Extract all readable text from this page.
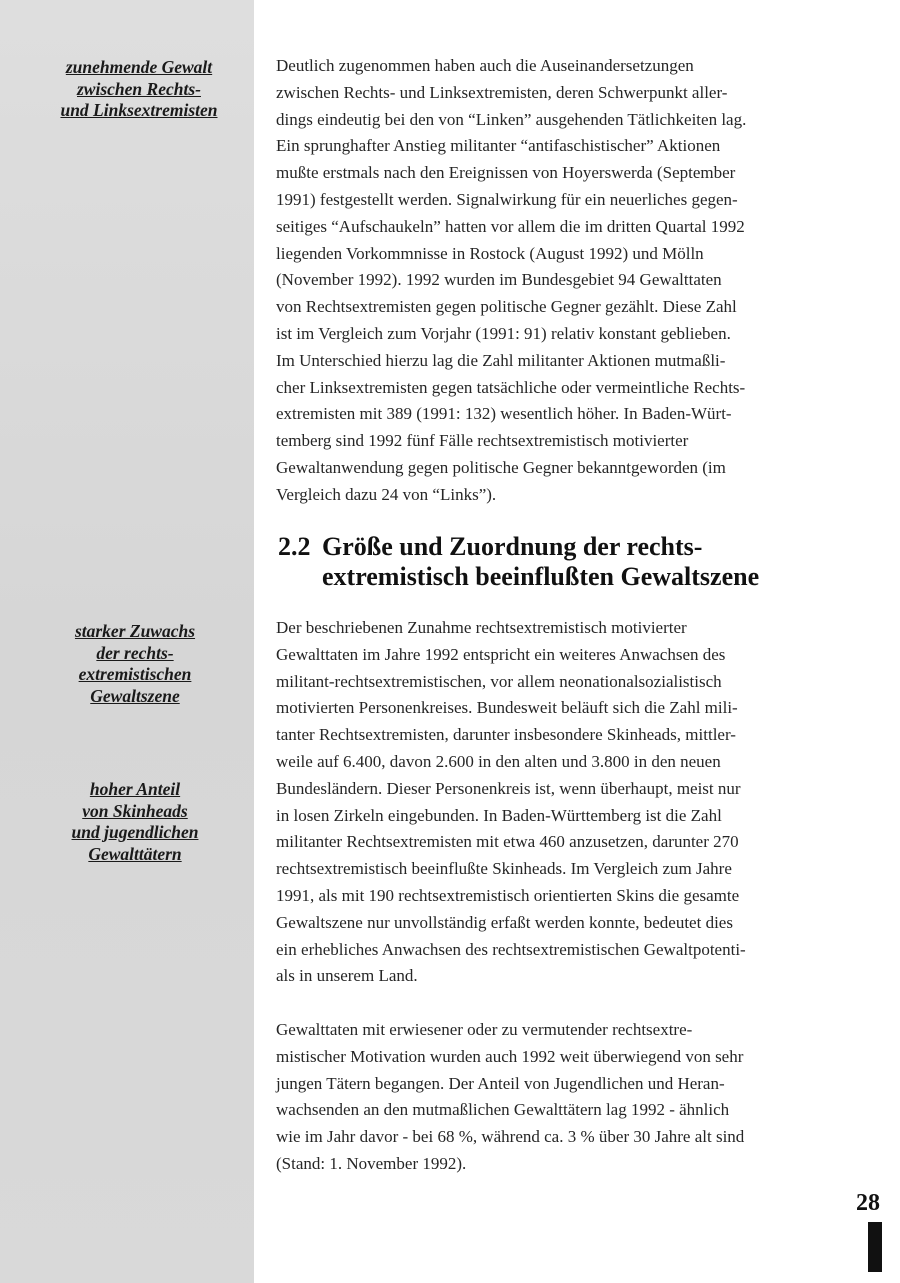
zunehmende Gewalt
zwischen Rechts-
und Linksextremisten
starker Zuwachs
der rechts-
extremistischen
Gewaltszene
hoher Anteil
von Skinheads
und jugendlichen
Gewalttätern
Deutlich zugenommen haben auch die Auseinandersetzungen
zwischen Rechts- und Linksextremisten, deren Schwerpunkt aller-
dings eindeutig bei den von “Linken” ausgehenden Tätlichkeiten lag.
Ein sprunghafter Anstieg militanter “antifaschistischer” Aktionen
mußte erstmals nach den Ereignissen von Hoyerswerda (September
1991) festgestellt werden. Signalwirkung für ein neuerliches gegen-
seitiges “Aufschaukeln” hatten vor allem die im dritten Quartal 1992
liegenden Vorkommnisse in Rostock (August 1992) und Mölln
(November 1992). 1992 wurden im Bundesgebiet 94 Gewalttaten
von Rechtsextremisten gegen politische Gegner gezählt. Diese Zahl
ist im Vergleich zum Vorjahr (1991: 91) relativ konstant geblieben.
Im Unterschied hierzu lag die Zahl militanter Aktionen mutmaßli-
cher Linksextremisten gegen tatsächliche oder vermeintliche Rechts-
extremisten mit 389 (1991: 132) wesentlich höher. In Baden-Würt-
temberg sind 1992 fünf Fälle rechtsextremistisch motivierter
Gewaltanwendung gegen politische Gegner bekanntgeworden (im
Vergleich dazu 24 von “Links”).
2.2 Größe und Zuordnung der rechts-
extremistisch beeinflußten Gewaltszene
Der beschriebenen Zunahme rechtsextremistisch motivierter
Gewalttaten im Jahre 1992 entspricht ein weiteres Anwachsen des
militant-rechtsextremistischen, vor allem neonationalsozialistisch
motivierten Personenkreises. Bundesweit beläuft sich die Zahl mili-
tanter Rechtsextremisten, darunter insbesondere Skinheads, mittler-
weile auf 6.400, davon 2.600 in den alten und 3.800 in den neuen
Bundesländern. Dieser Personenkreis ist, wenn überhaupt, meist nur
in losen Zirkeln eingebunden. In Baden-Württemberg ist die Zahl
militanter Rechtsextremisten mit etwa 460 anzusetzen, darunter 270
rechtsextremistisch beeinflußte Skinheads. Im Vergleich zum Jahre
1991, als mit 190 rechtsextremistisch orientierten Skins die gesamte
Gewaltszene nur unvollständig erfaßt werden konnte, bedeutet dies
ein erhebliches Anwachsen des rechtsextremistischen Gewaltpotenti-
als in unserem Land.
Gewalttaten mit erwiesener oder zu vermutender rechtsextre-
mistischer Motivation wurden auch 1992 weit überwiegend von sehr
jungen Tätern begangen. Der Anteil von Jugendlichen und Heran-
wachsenden an den mutmaßlichen Gewalttätern lag 1992 - ähnlich
wie im Jahr davor - bei 68 %, während ca. 3 % über 30 Jahre alt sind
(Stand: 1. November 1992).
28
